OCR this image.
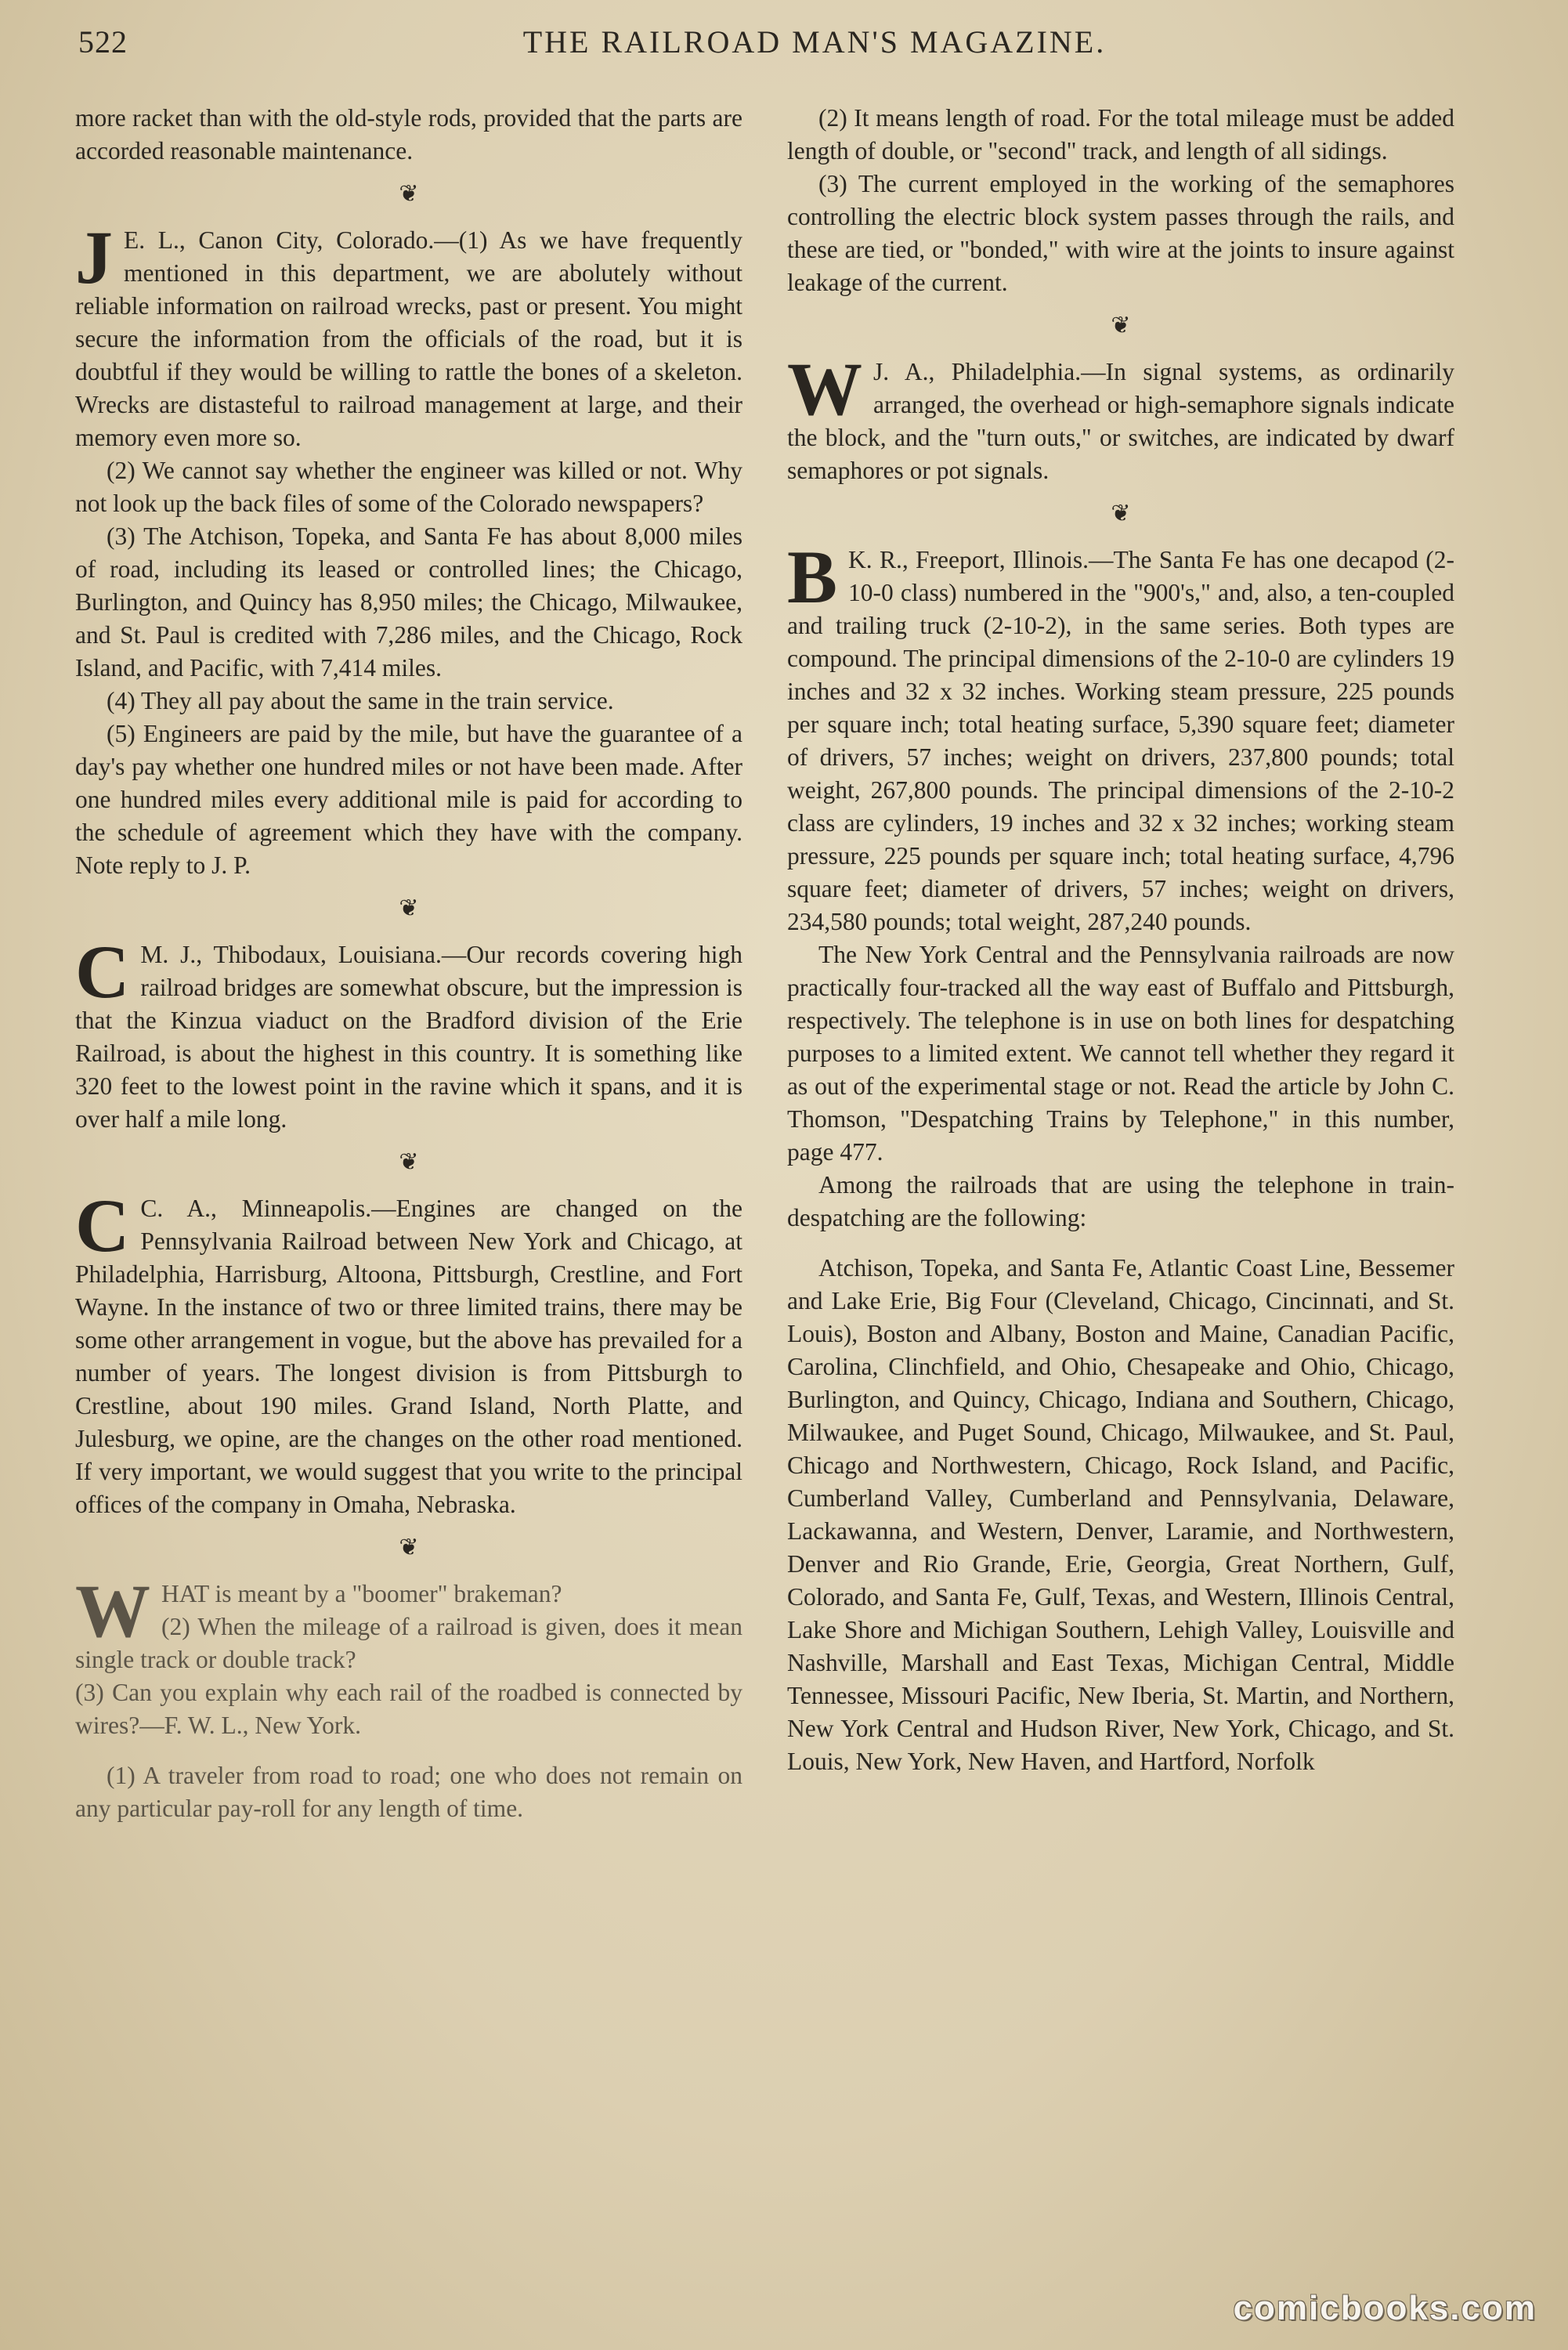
522	THE RAILROAD MAN'S MAGAZINE.

more racket than with the old-style rods, provided that the parts are accorded reasonable maintenance.

❦

J E. L., Canon City, Colorado.—(1) As we have frequently mentioned in this department, we are abolutely without reliable information on railroad wrecks, past or present. You might secure the information from the officials of the road, but it is doubtful if they would be willing to rattle the bones of a skeleton. Wrecks are distasteful to railroad management at large, and their memory even more so.

(2) We cannot say whether the engineer was killed or not. Why not look up the back files of some of the Colorado newspapers?

(3) The Atchison, Topeka, and Santa Fe has about 8,000 miles of road, including its leased or controlled lines; the Chicago, Burlington, and Quincy has 8,950 miles; the Chicago, Milwaukee, and St. Paul is credited with 7,286 miles, and the Chicago, Rock Island, and Pacific, with 7,414 miles.

(4) They all pay about the same in the train service.

(5) Engineers are paid by the mile, but have the guarantee of a day's pay whether one hundred miles or not have been made. After one hundred miles every additional mile is paid for according to the schedule of agreement which they have with the company. Note reply to J. P.

❦

C M. J., Thibodaux, Louisiana.—Our records covering high railroad bridges are somewhat obscure, but the impression is that the Kinzua viaduct on the Bradford division of the Erie Railroad, is about the highest in this country. It is something like 320 feet to the lowest point in the ravine which it spans, and it is over half a mile long.

❦

C C. A., Minneapolis.—Engines are changed on the Pennsylvania Railroad between New York and Chicago, at Philadelphia, Harrisburg, Altoona, Pittsburgh, Crestline, and Fort Wayne. In the instance of two or three limited trains, there may be some other arrangement in vogue, but the above has prevailed for a number of years. The longest division is from Pittsburgh to Crestline, about 190 miles. Grand Island, North Platte, and Julesburg, we opine, are the changes on the other road mentioned. If very important, we would suggest that you write to the principal offices of the company in Omaha, Nebraska.

❦

WHAT is meant by a "boomer" brakeman?

(2) When the mileage of a railroad is given, does it mean single track or double track?

(3) Can you explain why each rail of the roadbed is connected by wires?—F. W. L., New York.

(1) A traveler from road to road; one who does not remain on any particular pay-roll for any length of time.

(2) It means length of road. For the total mileage must be added length of double, or "second" track, and length of all sidings.

(3) The current employed in the working of the semaphores controlling the electric block system passes through the rails, and these are tied, or "bonded," with wire at the joints to insure against leakage of the current.

❦

W J. A., Philadelphia.—In signal systems, as ordinarily arranged, the overhead or high-semaphore signals indicate the block, and the "turn outs," or switches, are indicated by dwarf semaphores or pot signals.

❦

B K. R., Freeport, Illinois.—The Santa Fe has one decapod (2-10-0 class) numbered in the "900's," and, also, a ten-coupled and trailing truck (2-10-2), in the same series. Both types are compound. The principal dimensions of the 2-10-0 are cylinders 19 inches and 32 x 32 inches. Working steam pressure, 225 pounds per square inch; total heating surface, 5,390 square feet; diameter of drivers, 57 inches; weight on drivers, 237,800 pounds; total weight, 267,800 pounds. The principal dimensions of the 2-10-2 class are cylinders, 19 inches and 32 x 32 inches; working steam pressure, 225 pounds per square inch; total heating surface, 4,796 square feet; diameter of drivers, 57 inches; weight on drivers, 234,580 pounds; total weight, 287,240 pounds.

The New York Central and the Pennsylvania railroads are now practically four-tracked all the way east of Buffalo and Pittsburgh, respectively. The telephone is in use on both lines for despatching purposes to a limited extent. We cannot tell whether they regard it as out of the experimental stage or not. Read the article by John C. Thomson, "Despatching Trains by Telephone," in this number, page 477.

Among the railroads that are using the telephone in train-despatching are the following:

Atchison, Topeka, and Santa Fe, Atlantic Coast Line, Bessemer and Lake Erie, Big Four (Cleveland, Chicago, Cincinnati, and St. Louis), Boston and Albany, Boston and Maine, Canadian Pacific, Carolina, Clinchfield, and Ohio, Chesapeake and Ohio, Chicago, Burlington, and Quincy, Chicago, Indiana and Southern, Chicago, Milwaukee, and Puget Sound, Chicago, Milwaukee, and St. Paul, Chicago and Northwestern, Chicago, Rock Island, and Pacific, Cumberland Valley, Cumberland and Pennsylvania, Delaware, Lackawanna, and Western, Denver, Laramie, and Northwestern, Denver and Rio Grande, Erie, Georgia, Great Northern, Gulf, Colorado, and Santa Fe, Gulf, Texas, and Western, Illinois Central, Lake Shore and Michigan Southern, Lehigh Valley, Louisville and Nashville, Marshall and East Texas, Michigan Central, Middle Tennessee, Missouri Pacific, New Iberia, St. Martin, and Northern, New York Central and Hudson River, New York, Chicago, and St. Louis, New York, New Haven, and Hartford, Norfolk

comicbooks.com
